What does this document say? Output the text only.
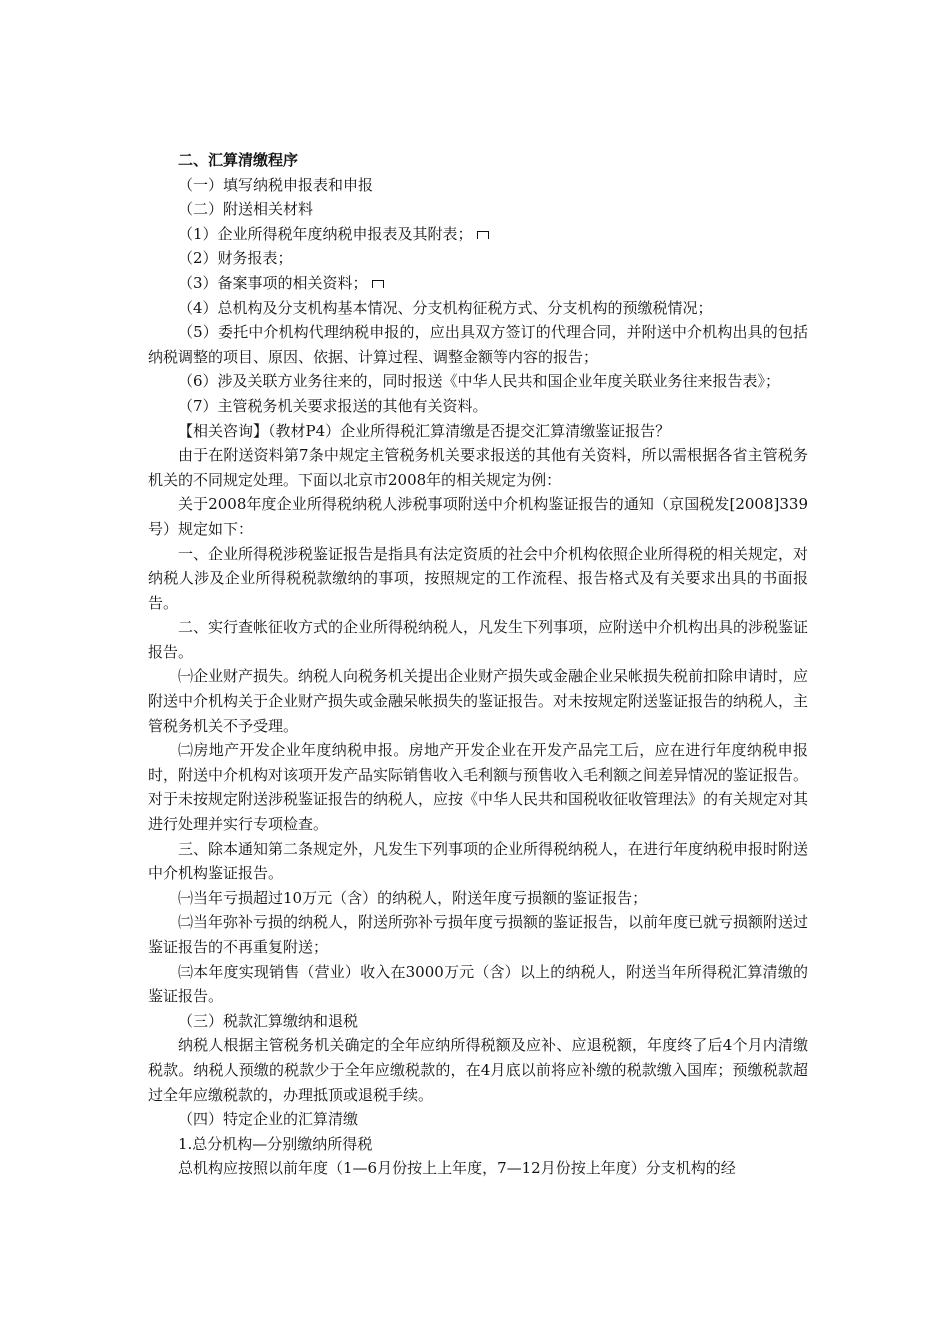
二、汇算清缴程序

（一）填写纳税申报表和申报

（二）附送相关材料

（1）企业所得税年度纳税申报表及其附表；

（2）财务报表；

（3）备案事项的相关资料；

（4）总机构及分支机构基本情况、分支机构征税方式、分支机构的预缴税情况；

（5）委托中介机构代理纳税申报的，应出具双方签订的代理合同，并附送中介机构出具的包括纳税调整的项目、原因、依据、计算过程、调整金额等内容的报告；

（6）涉及关联方业务往来的，同时报送《中华人民共和国企业年度关联业务往来报告表》；

（7）主管税务机关要求报送的其他有关资料。

【相关咨询】（教材P4）企业所得税汇算清缴是否提交汇算清缴鉴证报告？

由于在附送资料第7条中规定主管税务机关要求报送的其他有关资料，所以需根据各省主管税务机关的不同规定处理。下面以北京市2008年的相关规定为例：

关于2008年度企业所得税纳税人涉税事项附送中介机构鉴证报告的通知（京国税发[2008]339号）规定如下：

一、企业所得税涉税鉴证报告是指具有法定资质的社会中介机构依照企业所得税的相关规定，对纳税人涉及企业所得税税款缴纳的事项，按照规定的工作流程、报告格式及有关要求出具的书面报告。

二、实行查帐征收方式的企业所得税纳税人，凡发生下列事项，应附送中介机构出具的涉税鉴证报告。

㈠企业财产损失。纳税人向税务机关提出企业财产损失或金融企业呆帐损失税前扣除申请时，应附送中介机构关于企业财产损失或金融呆帐损失的鉴证报告。对未按规定附送鉴证报告的纳税人，主管税务机关不予受理。

㈡房地产开发企业年度纳税申报。房地产开发企业在开发产品完工后，应在进行年度纳税申报时，附送中介机构对该项开发产品实际销售收入毛利额与预售收入毛利额之间差异情况的鉴证报告。对于未按规定附送涉税鉴证报告的纳税人，应按《中华人民共和国税收征收管理法》的有关规定对其进行处理并实行专项检查。

三、除本通知第二条规定外，凡发生下列事项的企业所得税纳税人，在进行年度纳税申报时附送中介机构鉴证报告。

㈠当年亏损超过10万元（含）的纳税人，附送年度亏损额的鉴证报告；

㈡当年弥补亏损的纳税人，附送所弥补亏损年度亏损额的鉴证报告，以前年度已就亏损额附送过鉴证报告的不再重复附送；

㈢本年度实现销售（营业）收入在3000万元（含）以上的纳税人，附送当年所得税汇算清缴的鉴证报告。

（三）税款汇算缴纳和退税

纳税人根据主管税务机关确定的全年应纳所得税额及应补、应退税额，年度终了后4个月内清缴税款。纳税人预缴的税款少于全年应缴税款的，在4月底以前将应补缴的税款缴入国库；预缴税款超过全年应缴税款的，办理抵顶或退税手续。

（四）特定企业的汇算清缴

1.总分机构—分别缴纳所得税

总机构应按照以前年度（1—6月份按上上年度，7—12月份按上年度）分支机构的经
